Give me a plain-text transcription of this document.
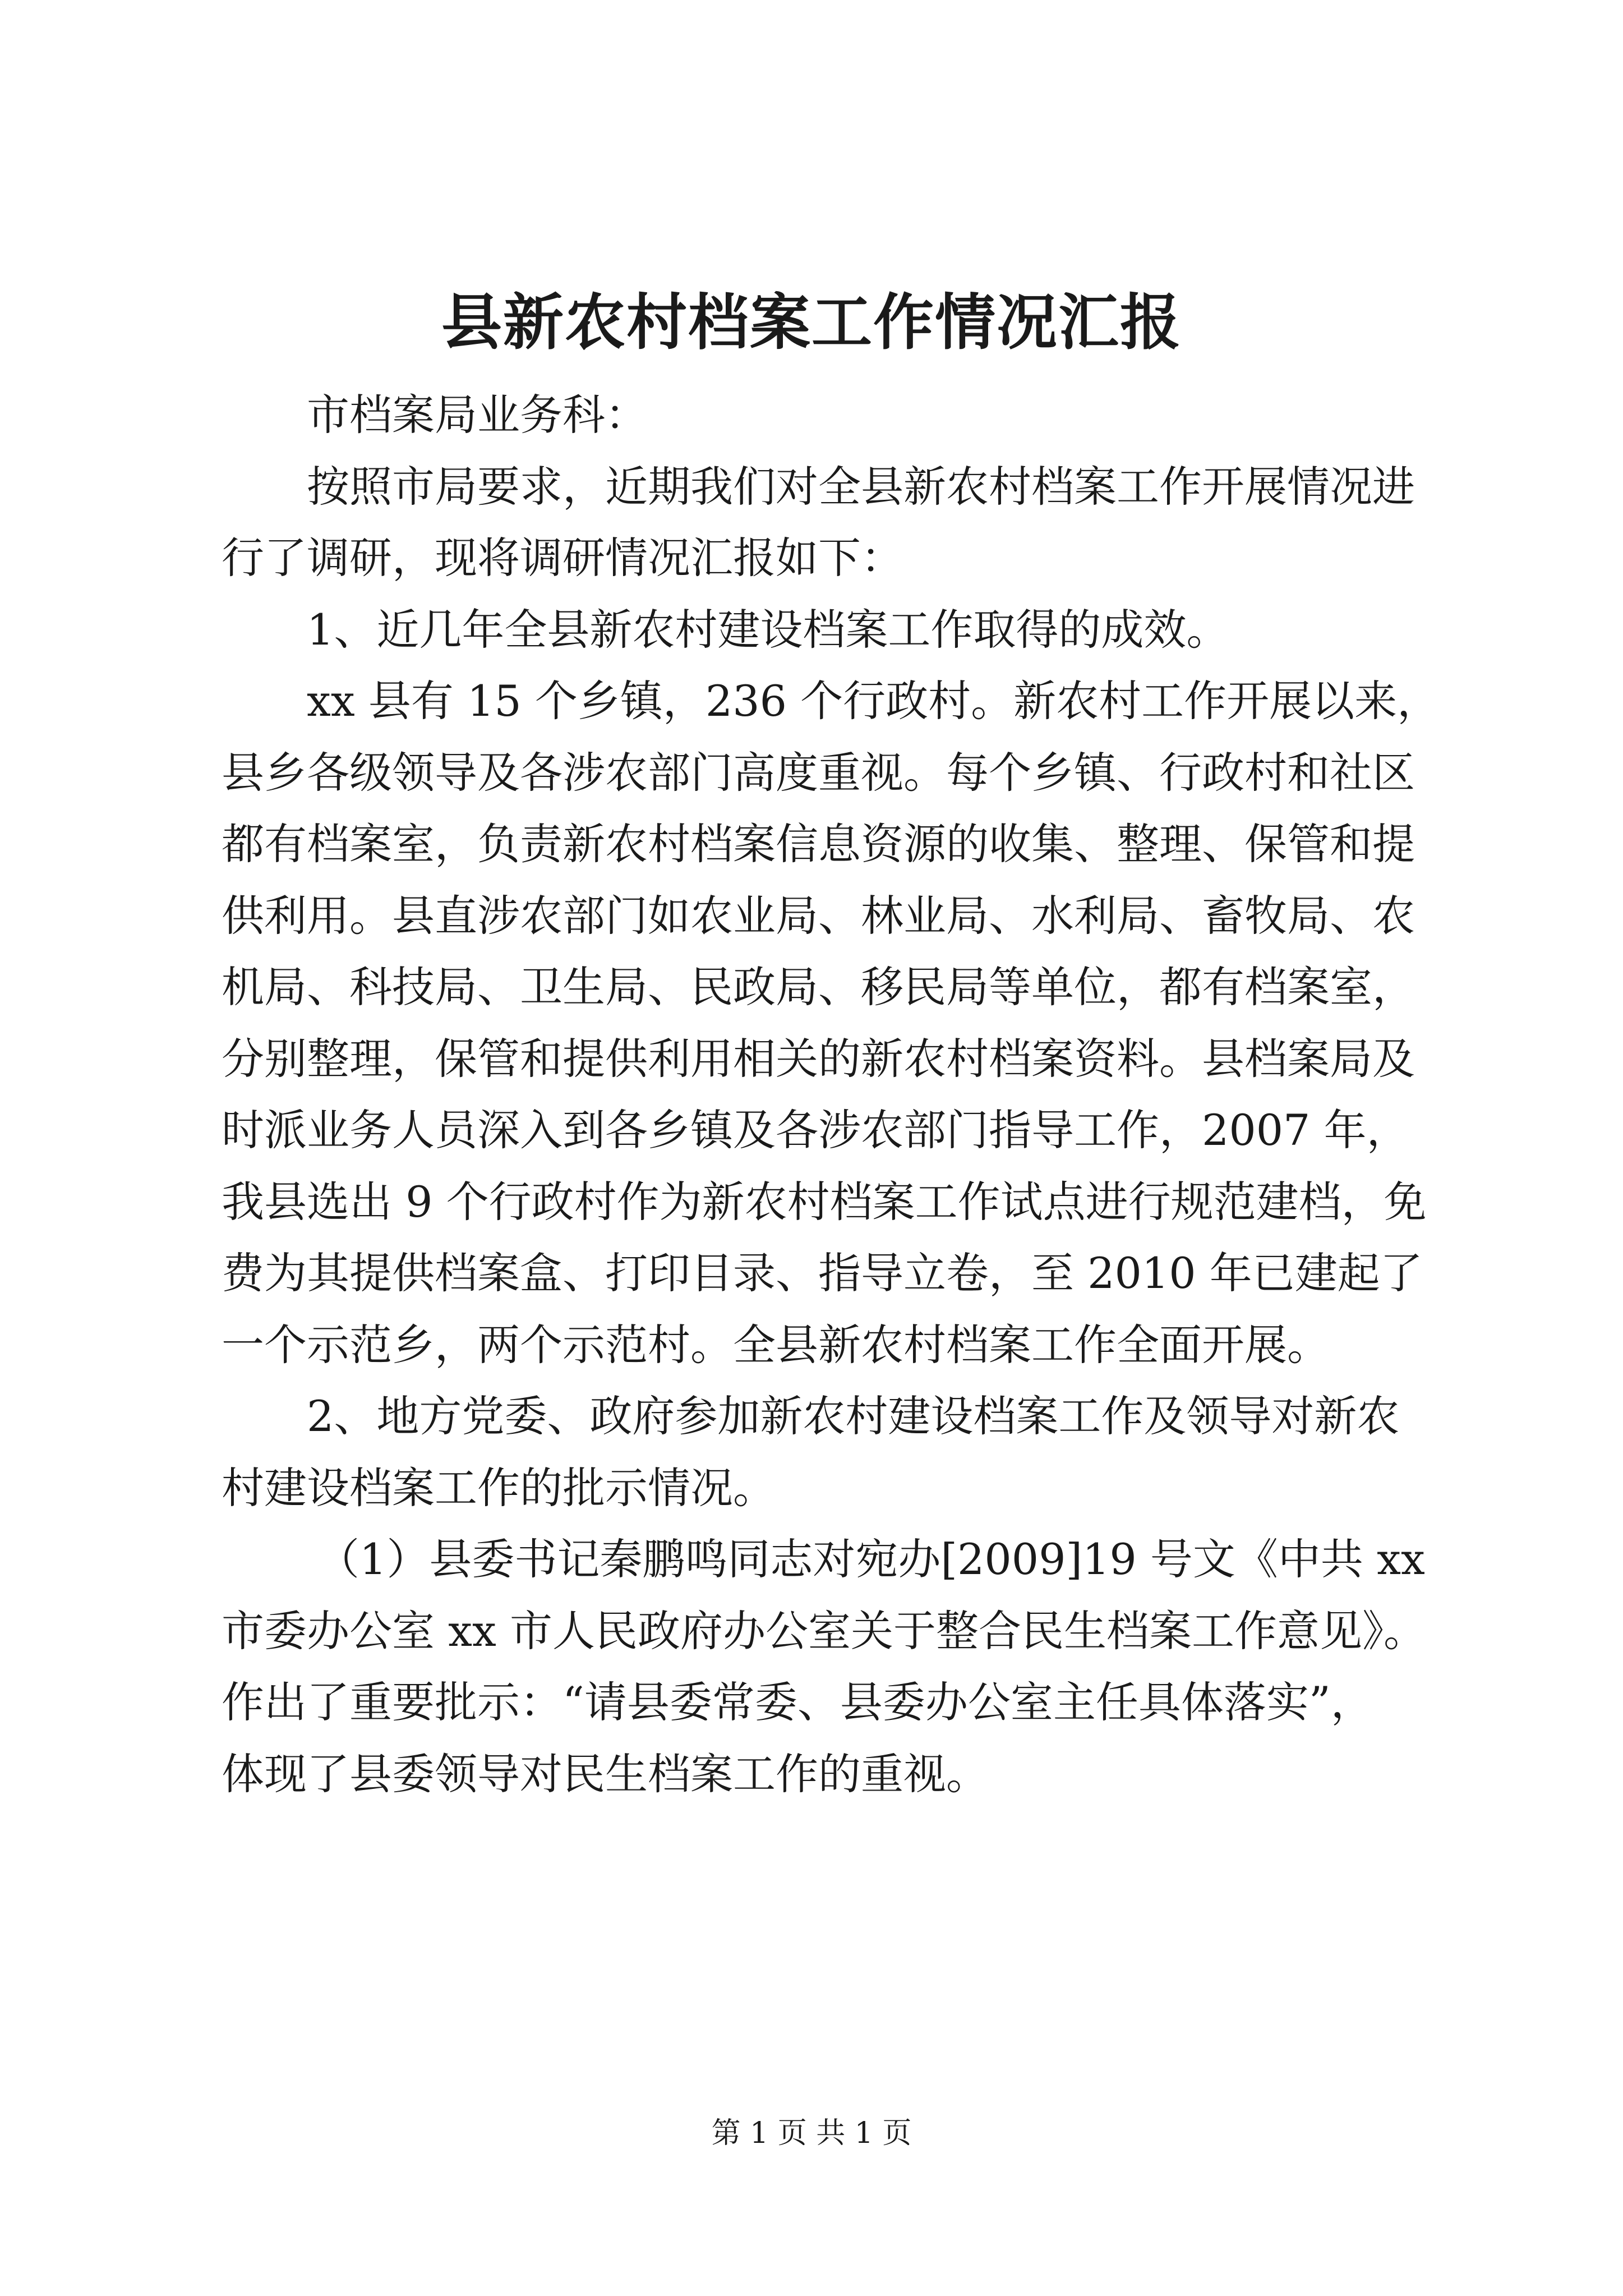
县新农村档案工作情况汇报
市档案局业务科：
按照市局要求，近期我们对全县新农村档案工作开展情况进
行了调研，现将调研情况汇报如下：
1、近几年全县新农村建设档案工作取得的成效。
xx 县有 15 个乡镇，236 个行政村。新农村工作开展以来，
县乡各级领导及各涉农部门高度重视。每个乡镇、行政村和社区
都有档案室，负责新农村档案信息资源的收集、整理、保管和提
供利用。县直涉农部门如农业局、林业局、水利局、畜牧局、农
机局、科技局、卫生局、民政局、移民局等单位，都有档案室，
分别整理，保管和提供利用相关的新农村档案资料。县档案局及
时派业务人员深入到各乡镇及各涉农部门指导工作，2007 年，
我县选出 9 个行政村作为新农村档案工作试点进行规范建档，免
费为其提供档案盒、打印目录、指导立卷，至 2010 年已建起了
一个示范乡，两个示范村。全县新农村档案工作全面开展。
2、地方党委、政府参加新农村建设档案工作及领导对新农
村建设档案工作的批示情况。
（1）县委书记秦鹏鸣同志对宛办[2009]19 号文《中共 xx
市委办公室 xx 市人民政府办公室关于整合民生档案工作意见》。
作出了重要批示：“请县委常委、县委办公室主任具体落实”，
体现了县委领导对民生档案工作的重视。
第 1 页 共 1 页
